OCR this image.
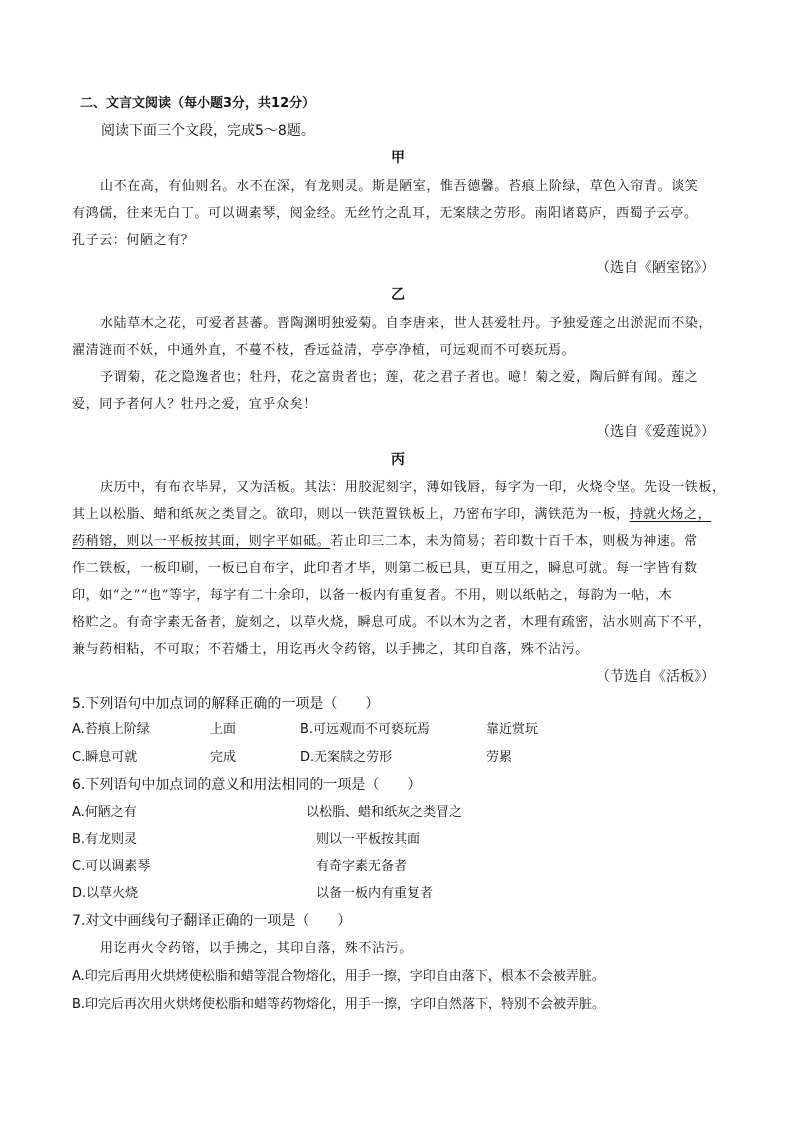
二、文言文阅读（每小题3分，共12分）
阅读下面三个文段，完成5～8题。
甲
山不在高，有仙则名。水不在深，有龙则灵。斯是陋室，惟吾德馨。苔痕上阶绿，草色入帘青。谈笑
有鸿儒，往来无白丁。可以调素琴，阅金经。无丝竹之乱耳，无案牍之劳形。南阳诸葛庐，西蜀子云亭。
孔子云：何陋之有？
（选自《陋室铭》）
乙
水陆草木之花，可爱者甚蕃。晋陶渊明独爱菊。自李唐来，世人甚爱牡丹。予独爱莲之出淤泥而不染，
濯清涟而不妖，中通外直，不蔓不枝，香远益清，亭亭净植，可远观而不可亵玩焉。
予谓菊，花之隐逸者也；牡丹，花之富贵者也；莲，花之君子者也。噫！菊之爱，陶后鲜有闻。莲之
爱，同予者何人？牡丹之爱，宜乎众矣！
（选自《爱莲说》）
丙
庆历中，有布衣毕昇，又为活板。其法：用胶泥刻字，薄如钱唇，每字为一印，火烧令坚。先设一铁板，
其上以松脂、蜡和纸灰之类冒之。欲印，则以一铁范置铁板上，乃密布字印，满铁范为一板，持就火炀之，
药稍镕，则以一平板按其面，则字平如砥。若止印三二本，未为简易；若印数十百千本，则极为神速。常
作二铁板，一板印刷，一板已自布字，此印者才毕，则第二板已具，更互用之，瞬息可就。每一字皆有数
印，如“之”“也”等字，每字有二十余印，以备一板内有重复者。不用，则以纸帖之，每韵为一帖，木
格贮之。有奇字素无备者，旋刻之，以草火烧，瞬息可成。不以木为之者，木理有疏密，沾水则高下不平，
兼与药相粘，不可取；不若燔土，用讫再火令药镕，以手拂之，其印自落，殊不沾污。
（节选自《活板》）
5.下列语句中加点词的解释正确的一项是（　　）
A.苔痕上阶绿	上面	B.可远观而不可亵玩焉	靠近赏玩
C.瞬息可就	完成	D.无案牍之劳形	劳累
6.下列语句中加点词的意义和用法相同的一项是（　　）
A.何陋之有	以松脂、蜡和纸灰之类冒之
B.有龙则灵	则以一平板按其面
C.可以调素琴	有奇字素无备者
D.以草火烧	以备一板内有重复者
7.对文中画线句子翻译正确的一项是（　　）
用讫再火令药镕，以手拂之，其印自落，殊不沾污。
A.印完后再用火烘烤使松脂和蜡等混合物熔化，用手一擦，字印自由落下，根本不会被弄脏。
B.印完后再次用火烘烤使松脂和蜡等药物熔化，用手一擦，字印自然落下，特别不会被弄脏。
